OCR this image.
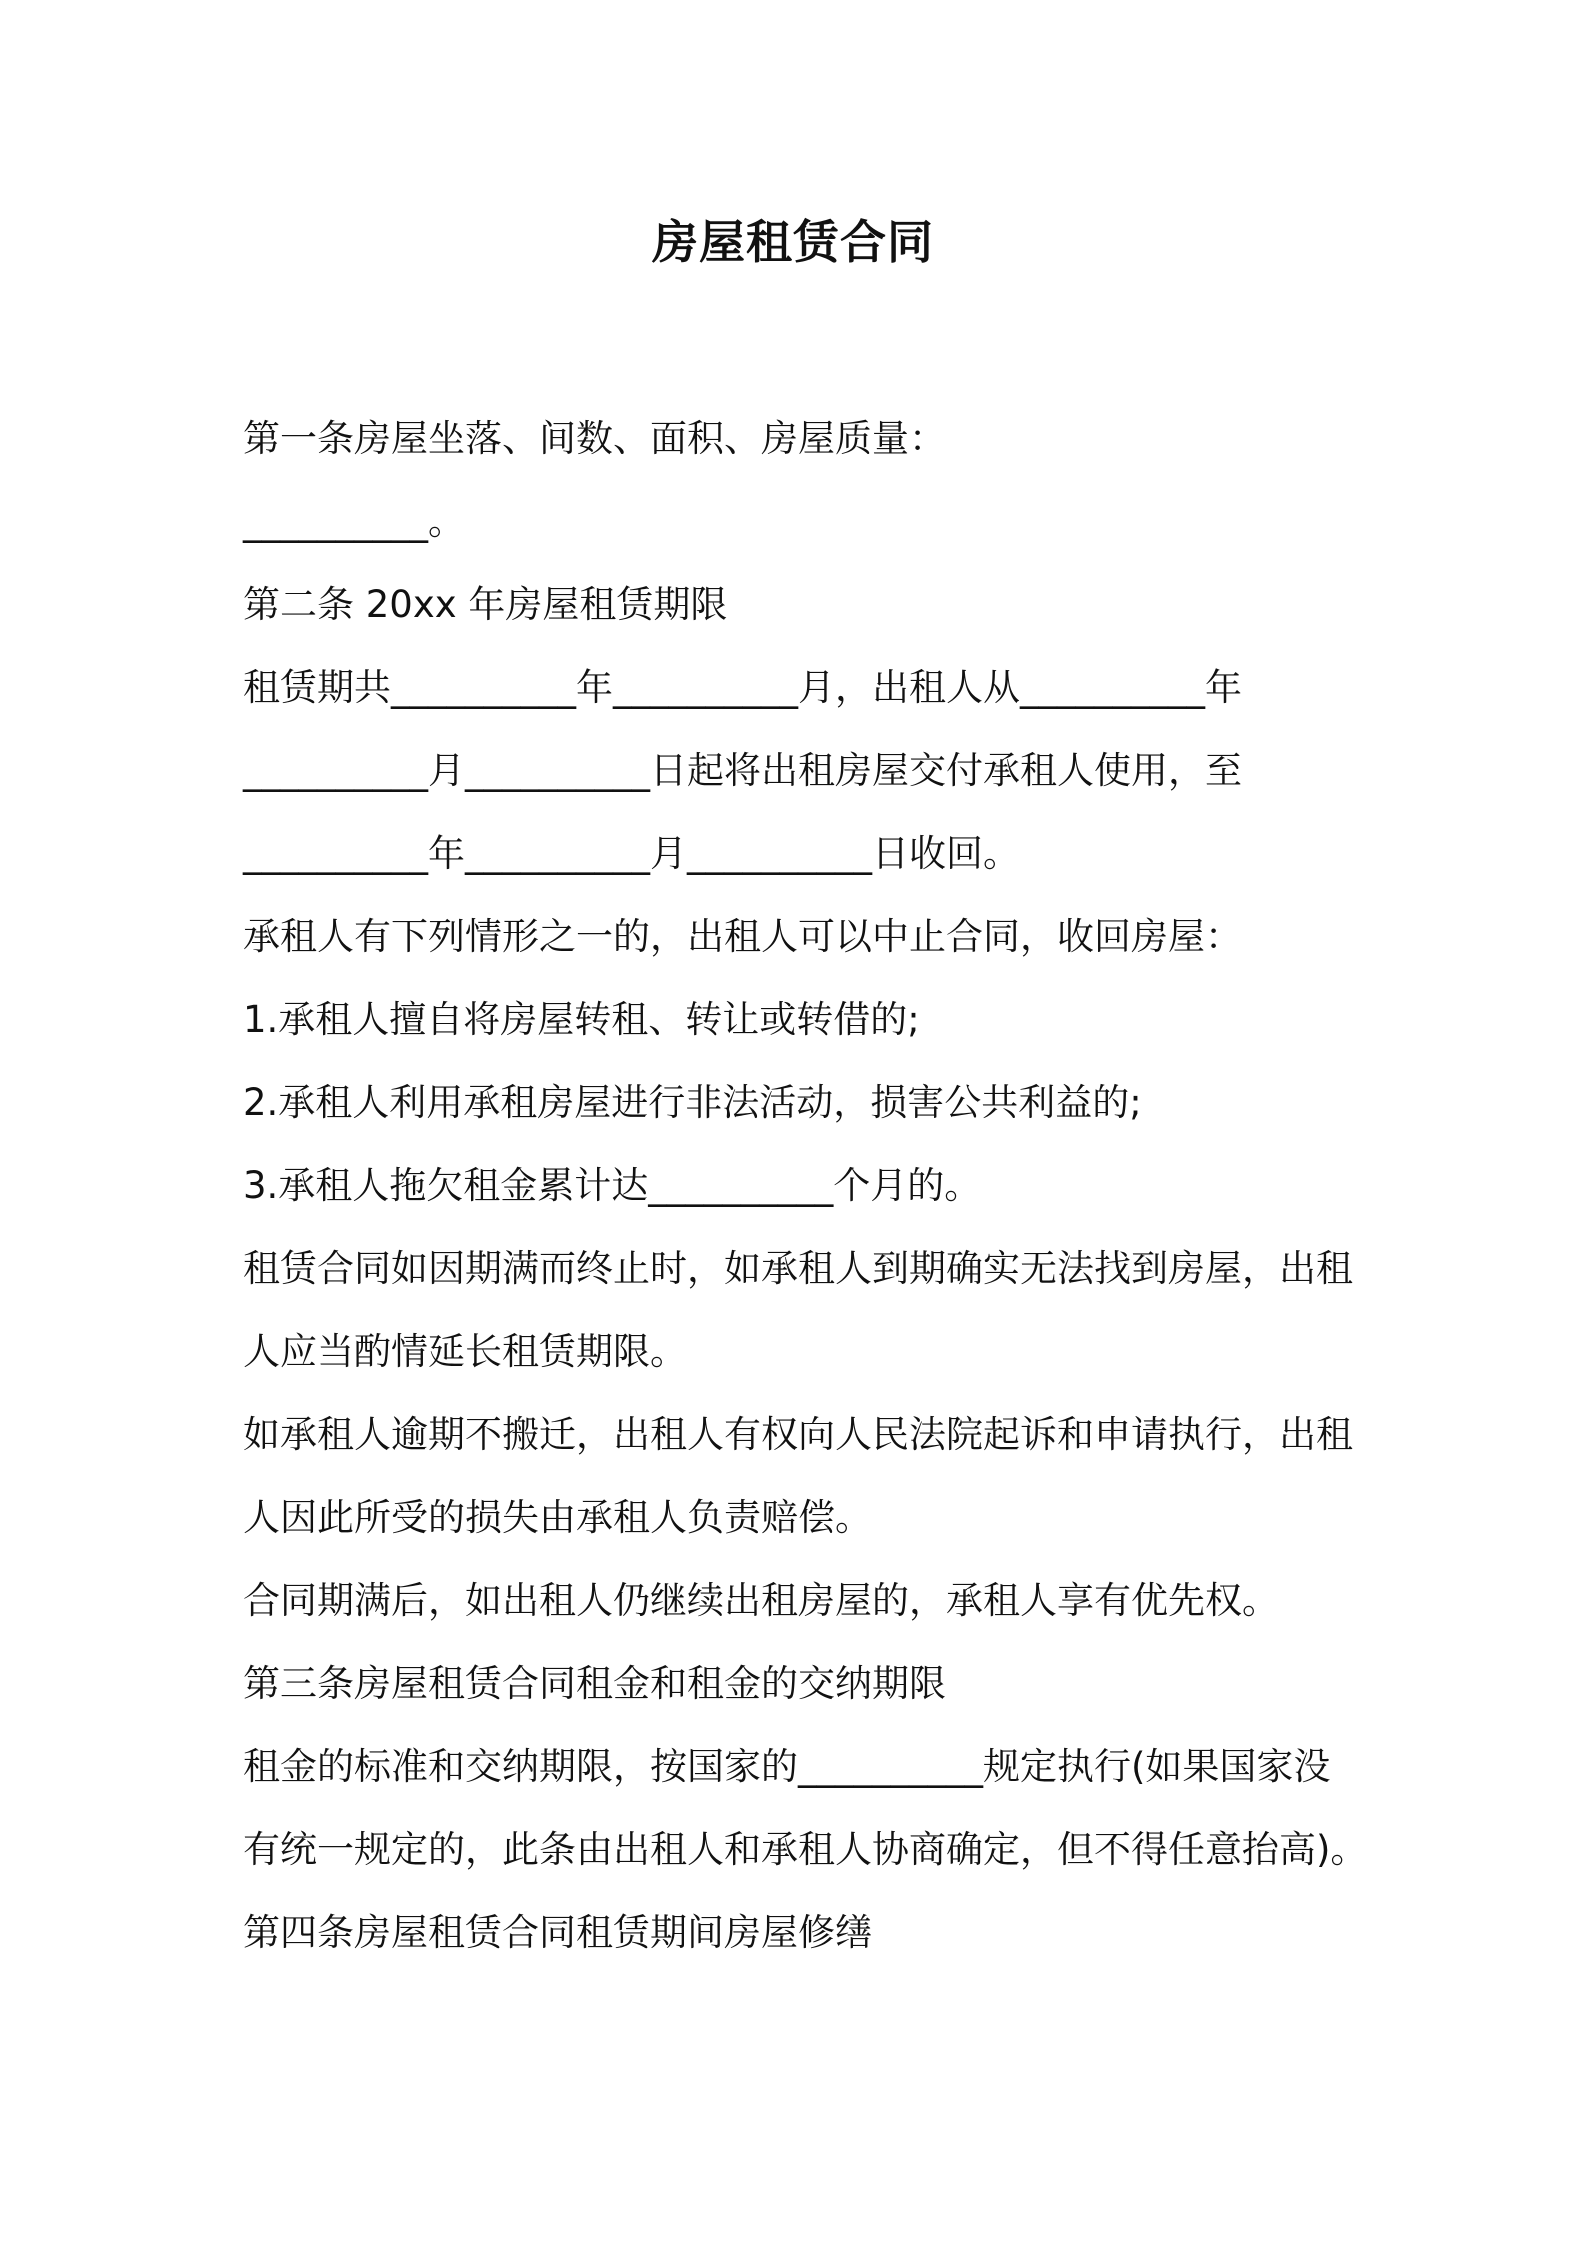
房屋租赁合同
第一条房屋坐落、间数、面积、房屋质量：
__________。
第二条 20xx 年房屋租赁期限
租赁期共__________年__________月，出租人从__________年
__________月__________日起将出租房屋交付承租人使用，至
__________年__________月__________日收回。
承租人有下列情形之一的，出租人可以中止合同，收回房屋：
1.承租人擅自将房屋转租、转让或转借的;
2.承租人利用承租房屋进行非法活动，损害公共利益的;
3.承租人拖欠租金累计达__________个月的。
租赁合同如因期满而终止时，如承租人到期确实无法找到房屋，出租
人应当酌情延长租赁期限。
如承租人逾期不搬迁，出租人有权向人民法院起诉和申请执行，出租
人因此所受的损失由承租人负责赔偿。
合同期满后，如出租人仍继续出租房屋的，承租人享有优先权。
第三条房屋租赁合同租金和租金的交纳期限
租金的标准和交纳期限，按国家的__________规定执行(如果国家没
有统一规定的，此条由出租人和承租人协商确定，但不得任意抬高)。
第四条房屋租赁合同租赁期间房屋修缮
